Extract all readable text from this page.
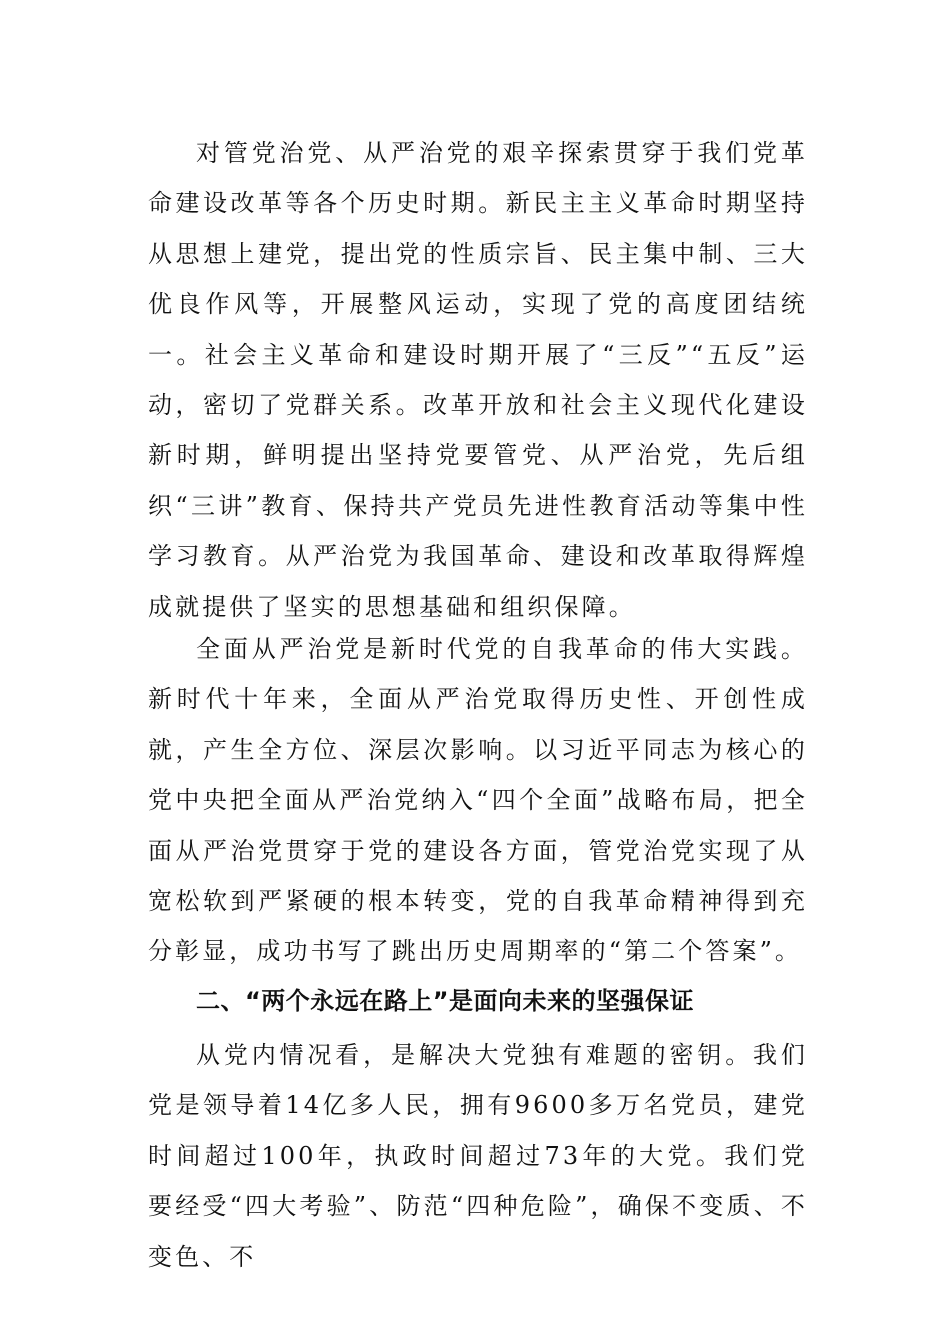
对管党治党、从严治党的艰辛探索贯穿于我们党革命建设改革等各个历史时期。新民主主义革命时期坚持从思想上建党，提出党的性质宗旨、民主集中制、三大优良作风等，开展整风运动，实现了党的高度团结统一。社会主义革命和建设时期开展了“三反”“五反”运动，密切了党群关系。改革开放和社会主义现代化建设新时期，鲜明提出坚持党要管党、从严治党，先后组织“三讲”教育、保持共产党员先进性教育活动等集中性学习教育。从严治党为我国革命、建设和改革取得辉煌成就提供了坚实的思想基础和组织保障。

全面从严治党是新时代党的自我革命的伟大实践。新时代十年来，全面从严治党取得历史性、开创性成就，产生全方位、深层次影响。以习近平同志为核心的党中央把全面从严治党纳入“四个全面”战略布局，把全面从严治党贯穿于党的建设各方面，管党治党实现了从宽松软到严紧硬的根本转变，党的自我革命精神得到充分彰显，成功书写了跳出历史周期率的“第二个答案”。

二、“两个永远在路上”是面向未来的坚强保证

从党内情况看，是解决大党独有难题的密钥。我们党是领导着14亿多人民，拥有9600多万名党员，建党时间超过100年，执政时间超过73年的大党。我们党要经受“四大考验”、防范“四种危险”，确保不变质、不变色、不
